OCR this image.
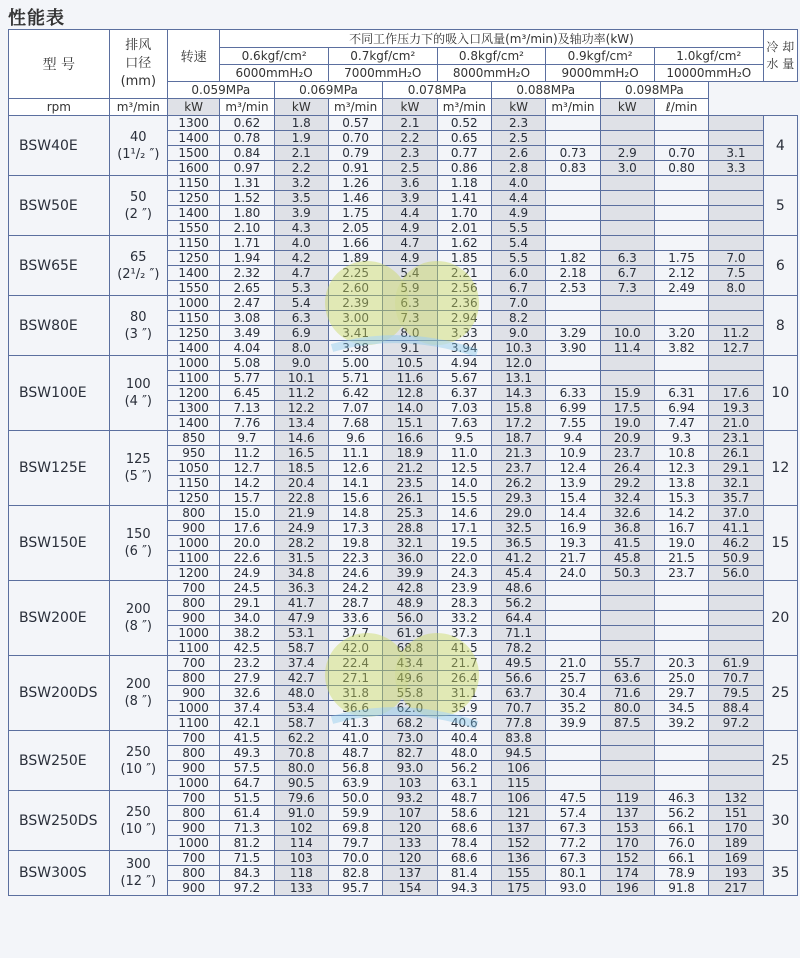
性能表
型 号	排风口径
(mm)	转速	不同工作压力下的吸入口风量(m³/min)及轴功率(kW)										冷 却 水 量

			0.6kgf/cm²		0.7kgf/cm²		0.8kgf/cm²		0.9kgf/cm²		1.0kgf/cm²		
			6000mmH₂O		7000mmH₂O		8000mmH₂O		9000mmH₂O		10000mmH₂O		
		0.059MPa		0.069MPa		0.078MPa		0.088MPa		0.098MPa			
rpm	m³/min	kW	m³/min	kW	m³/min	kW	m³/min	kW	m³/min	kW	ℓ/min		
BSW40E	40
(1¹/₂ ″)	1300	0.62	1.8	0.57	2.1	0.52	2.3					4
		1400	0.78	1.9	0.70	2.2	0.65	2.5					
		1500	0.84	2.1	0.79	2.3	0.77	2.6	0.73	2.9	0.70	3.1	
		1600	0.97	2.2	0.91	2.5	0.86	2.8	0.83	3.0	0.80	3.3	
BSW50E	50
(2 ″)	1150	1.31	3.2	1.26	3.6	1.18	4.0					5
		1250	1.52	3.5	1.46	3.9	1.41	4.4					
		1400	1.80	3.9	1.75	4.4	1.70	4.9					
		1550	2.10	4.3	2.05	4.9	2.01	5.5					
BSW65E	65
(2¹/₂ ″)	1150	1.71	4.0	1.66	4.7	1.62	5.4					6
		1250	1.94	4.2	1.89	4.9	1.85	5.5	1.82	6.3	1.75	7.0	
		1400	2.32	4.7	2.25	5.4	2.21	6.0	2.18	6.7	2.12	7.5	
		1550	2.65	5.3	2.60	5.9	2.56	6.7	2.53	7.3	2.49	8.0	
BSW80E	80
(3 ″)	1000	2.47	5.4	2.39	6.3	2.36	7.0					8
		1150	3.08	6.3	3.00	7.3	2.94	8.2					
		1250	3.49	6.9	3.41	8.0	3.33	9.0	3.29	10.0	3.20	11.2	
		1400	4.04	8.0	3.98	9.1	3.94	10.3	3.90	11.4	3.82	12.7	
BSW100E	100
(4 ″)	1000	5.08	9.0	5.00	10.5	4.94	12.0					10
		1100	5.77	10.1	5.71	11.6	5.67	13.1					
		1200	6.45	11.2	6.42	12.8	6.37	14.3	6.33	15.9	6.31	17.6	
		1300	7.13	12.2	7.07	14.0	7.03	15.8	6.99	17.5	6.94	19.3	
		1400	7.76	13.4	7.68	15.1	7.63	17.2	7.55	19.0	7.47	21.0	
BSW125E	125
(5 ″)	850	9.7	14.6	9.6	16.6	9.5	18.7	9.4	20.9	9.3	23.1	12
		950	11.2	16.5	11.1	18.9	11.0	21.3	10.9	23.7	10.8	26.1	
		1050	12.7	18.5	12.6	21.2	12.5	23.7	12.4	26.4	12.3	29.1	
		1150	14.2	20.4	14.1	23.5	14.0	26.2	13.9	29.2	13.8	32.1	
		1250	15.7	22.8	15.6	26.1	15.5	29.3	15.4	32.4	15.3	35.7	
BSW150E	150
(6 ″)	800	15.0	21.9	14.8	25.3	14.6	29.0	14.4	32.6	14.2	37.0	15
		900	17.6	24.9	17.3	28.8	17.1	32.5	16.9	36.8	16.7	41.1	
		1000	20.0	28.2	19.8	32.1	19.5	36.5	19.3	41.5	19.0	46.2	
		1100	22.6	31.5	22.3	36.0	22.0	41.2	21.7	45.8	21.5	50.9	
		1200	24.9	34.8	24.6	39.9	24.3	45.4	24.0	50.3	23.7	56.0	
BSW200E	200
(8 ″)	700	24.5	36.3	24.2	42.8	23.9	48.6					20
		800	29.1	41.7	28.7	48.9	28.3	56.2					
		900	34.0	47.9	33.6	56.0	33.2	64.4					
		1000	38.2	53.1	37.7	61.9	37.3	71.1					
		1100	42.5	58.7	42.0	68.8	41.5	78.2					
BSW200DS	200
(8 ″)	700	23.2	37.4	22.4	43.4	21.7	49.5	21.0	55.7	20.3	61.9	25
		800	27.9	42.7	27.1	49.6	26.4	56.6	25.7	63.6	25.0	70.7	
		900	32.6	48.0	31.8	55.8	31.1	63.7	30.4	71.6	29.7	79.5	
		1000	37.4	53.4	36.6	62.0	35.9	70.7	35.2	80.0	34.5	88.4	
		1100	42.1	58.7	41.3	68.2	40.6	77.8	39.9	87.5	39.2	97.2	
BSW250E	250
(10 ″)	700	41.5	62.2	41.0	73.0	40.4	83.8					25
		800	49.3	70.8	48.7	82.7	48.0	94.5					
		900	57.5	80.0	56.8	93.0	56.2	106					
		1000	64.7	90.5	63.9	103	63.1	115					
BSW250DS	250
(10 ″)	700	51.5	79.6	50.0	93.2	48.7	106	47.5	119	46.3	132	30
		800	61.4	91.0	59.9	107	58.6	121	57.4	137	56.2	151	
		900	71.3	102	69.8	120	68.6	137	67.3	153	66.1	170	
		1000	81.2	114	79.7	133	78.4	152	77.2	170	76.0	189	
BSW300S	300
(12 ″)	700	71.5	103	70.0	120	68.6	136	67.3	152	66.1	169	35
		800	84.3	118	82.8	137	81.4	155	80.1	174	78.9	193	
		900	97.2	133	95.7	154	94.3	175	93.0	196	91.8	217	
